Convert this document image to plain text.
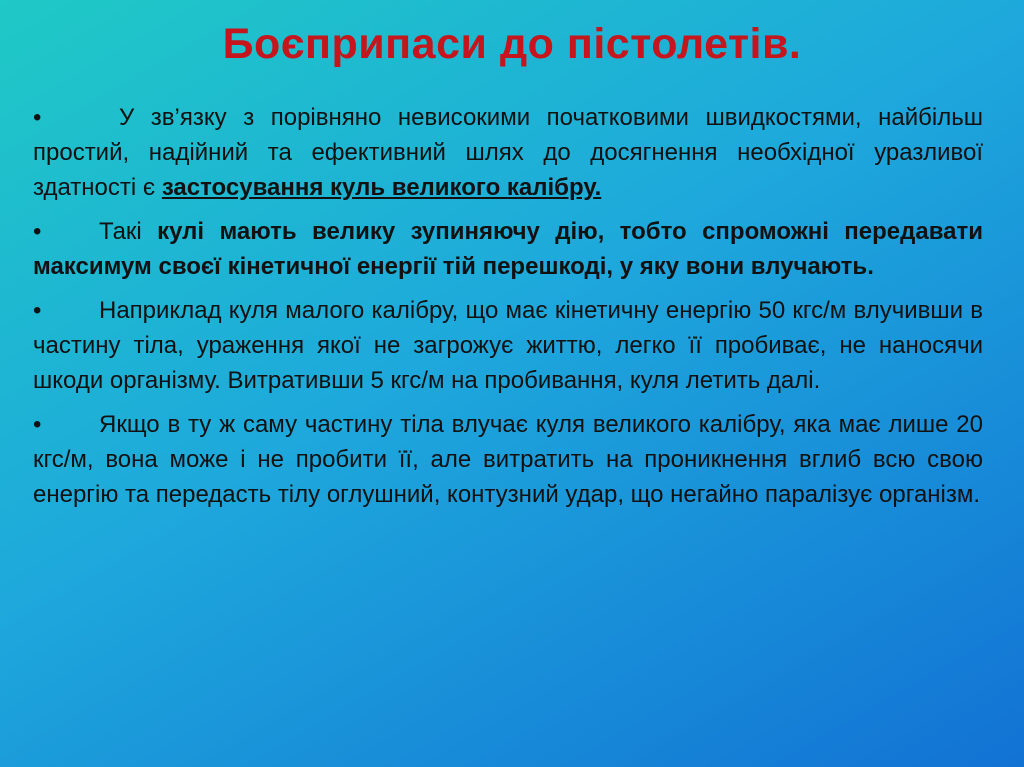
Боєприпаси до пістолетів.

•	У зв’язку з порівняно невисокими початковими швидкостями, найбільш простий, надійний та ефективний шлях до досягнення необхідної уразливої здатності є застосування куль великого калібру.

• Такі кулі мають велику зупиняючу дію, тобто спроможні передавати максимум своєї кінетичної енергії тій перешкоді, у яку вони влучають.

• Наприклад куля малого калібру, що має кінетичну енергію 50 кгс/м влучивши в частину тіла, ураження якої не загрожує життю, легко її пробиває, не наносячи шкоди організму. Витративши 5 кгс/м на пробивання, куля летить далі.

• Якщо в ту ж саму частину тіла влучає куля великого калібру, яка має лише 20 кгс/м, вона може і не пробити її, але витратить на проникнення вглиб всю свою енергію та передасть тілу оглушний, контузний удар, що негайно паралізує організм.
